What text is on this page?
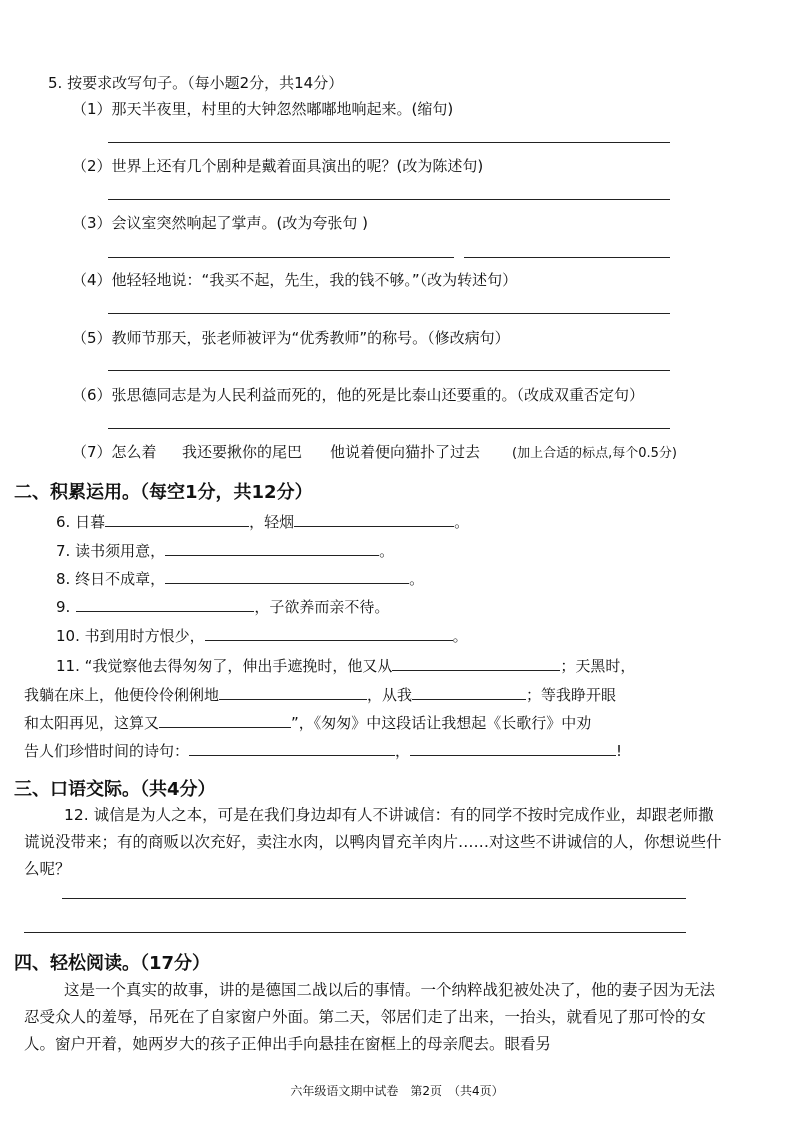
5. 按要求改写句子。（每小题2分，共14分）
（1）那天半夜里，村里的大钟忽然嘟嘟地响起来。(缩句)
（2）世界上还有几个剧种是戴着面具演出的呢？(改为陈述句)
（3）会议室突然响起了掌声。(改为夸张句 )
（4）他轻轻地说：“我买不起，先生，我的钱不够。”（改为转述句）
（5）教师节那天，张老师被评为“优秀教师”的称号。（修改病句）
（6）张思德同志是为人民利益而死的，他的死是比泰山还要重的。（改成双重否定句）
（7）怎么着 我还要揪你的尾巴 他说着便向猫扑了过去 (加上合适的标点,每个0.5分)
二、积累运用。（每空1分，共12分）
6. 日暮	，轻烟	。
7. 读书须用意，	。
8. 终日不成章，	。
9.	，子欲养而亲不待。
10. 书到用时方恨少，	。
11. “我觉察他去得匆匆了，伸出手遮挽时，他又从	；天黑时，
我躺在床上，他便伶伶俐俐地	，从我	；等我睁开眼
和太阳再见，这算又	”，《匆匆》中这段话让我想起《长歌行》中劝
告人们珍惜时间的诗句：	，	!
三、口语交际。（共4分）
12. 诚信是为人之本，可是在我们身边却有人不讲诚信：有的同学不按时完成作业，却跟老师撒谎说没带来；有的商贩以次充好，卖注水肉，以鸭肉冒充羊肉片……对这些不讲诚信的人，你想说些什么呢？
四、轻松阅读。（17分）
这是一个真实的故事，讲的是德国二战以后的事情。一个纳粹战犯被处决了，他的妻子因为无法忍受众人的羞辱，吊死在了自家窗户外面。第二天，邻居们走了出来，一抬头，就看见了那可怜的女人。窗户开着，她两岁大的孩子正伸出手向悬挂在窗框上的母亲爬去。眼看另
六年级语文期中试卷　第2页　（共4页）
